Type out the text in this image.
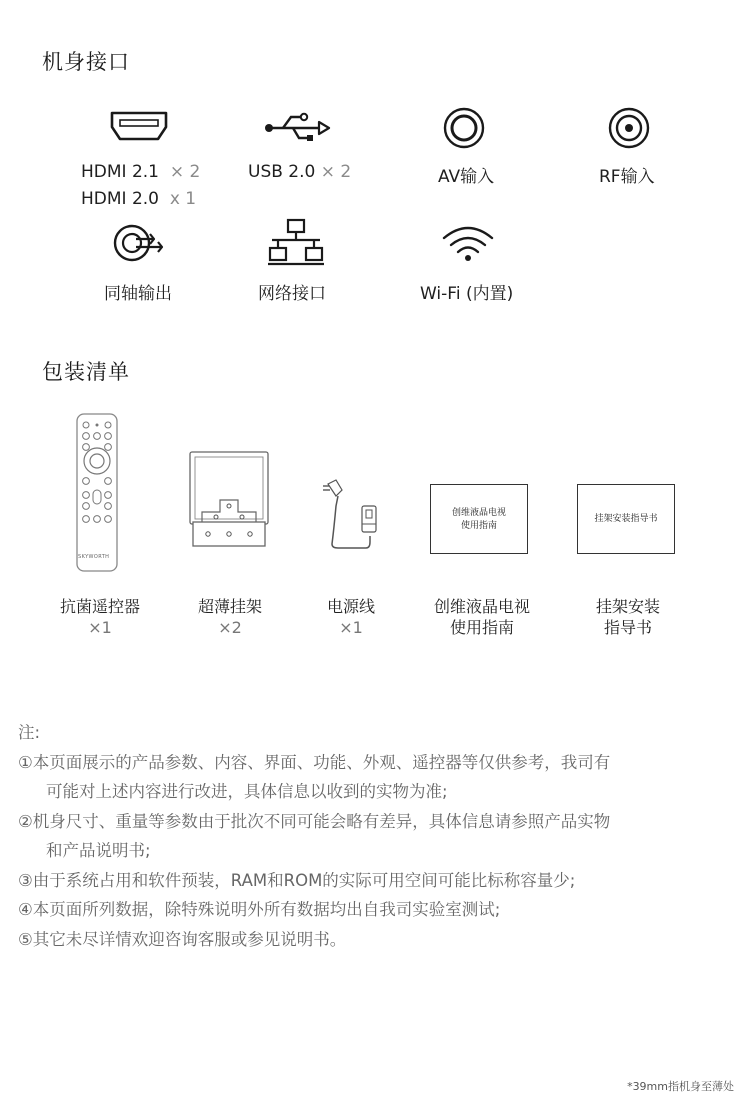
机身接口
HDMI 2.1 × 2
HDMI 2.0 x 1
USB 2.0 × 2	AV输入	RF输入
同轴输出	网络接口	Wi-Fi (内置)
包装清单
SKYWORTH
抗菌遥控器
×1
超薄挂架
×2
电源线
×1
创维液晶电视
使用指南
创维液晶电视
使用指南
挂架安装指导书
挂架安装
指导书
注:
①本页面展示的产品参数、内容、界面、功能、外观、遥控器等仅供参考，我司有
可能对上述内容进行改进，具体信息以收到的实物为准;
②机身尺寸、重量等参数由于批次不同可能会略有差异，具体信息请参照产品实物
和产品说明书;
③由于系统占用和软件预装，RAM和ROM的实际可用空间可能比标称容量少;
④本页面所列数据，除特殊说明外所有数据均出自我司实验室测试;
⑤其它未尽详情欢迎咨询客服或参见说明书。
*39mm指机身至薄处
